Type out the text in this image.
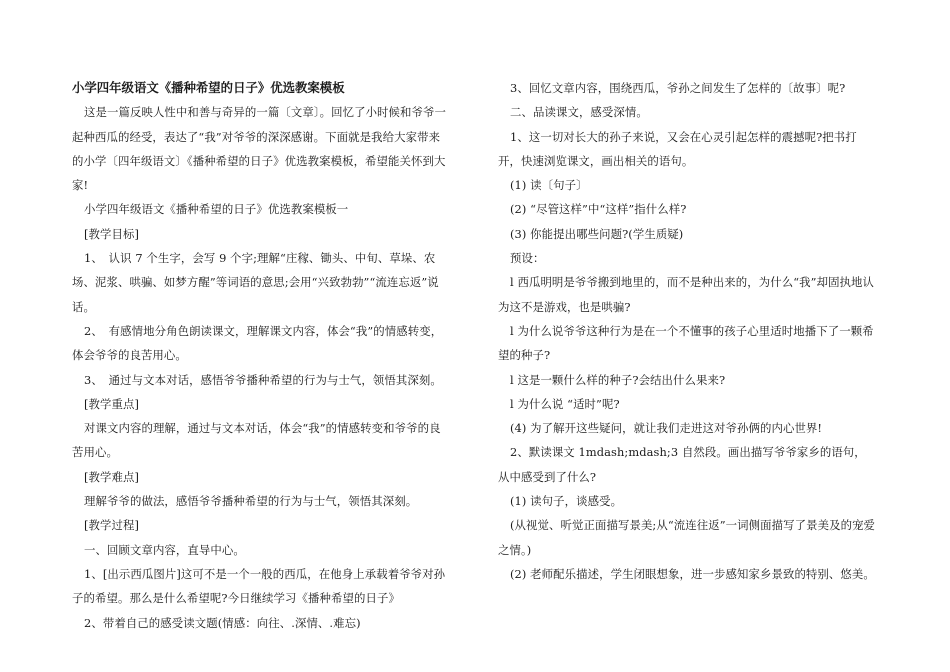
小学四年级语文《播种希望的日子》优选教案模板

这是一篇反映人性中和善与奇异的一篇〔文章〕。回忆了小时候和爷爷一起种西瓜的经受，表达了“我”对爷爷的深深感谢。下面就是我给大家带来的小学〔四年级语文〕《播种希望的日子》优选教案模板，希望能关怀到大家!

小学四年级语文《播种希望的日子》优选教案模板一

[教学目标]

1、　认识 7 个生字，会写 9 个字;理解“庄稼、锄头、中旬、草垛、农场、泥浆、哄骗、如梦方醒”等词语的意思;会用“兴致勃勃”“流连忘返”说话。

2、　有感情地分角色朗读课文，理解课文内容，体会“我”的情感转变，体会爷爷的良苦用心。

3、　通过与文本对话，感悟爷爷播种希望的行为与士气，领悟其深刻。

[教学重点]

对课文内容的理解，通过与文本对话，体会“我”的情感转变和爷爷的良苦用心。

[教学难点]

理解爷爷的做法，感悟爷爷播种希望的行为与士气，领悟其深刻。

[教学过程]

一、回顾文章内容，直导中心。

1、[出示西瓜图片]这可不是一个一般的西瓜，在他身上承载着爷爷对孙子的希望。那么是什么希望呢?今日继续学习《播种希望的日子》

2、带着自己的感受读文题(情感：向往、.深情、.难忘)

3、回忆文章内容，围绕西瓜，爷孙之间发生了怎样的〔故事〕呢?

二、品读课文，感受深情。

1、这一切对长大的孙子来说，又会在心灵引起怎样的震撼呢?把书打开，快速浏览课文，画出相关的语句。

(1) 读〔句子〕

(2) “尽管这样”中“这样”指什么样?

(3) 你能提出哪些问题?(学生质疑)

预设：

l 西瓜明明是爷爷搬到地里的，而不是种出来的，为什么“我”却固执地认为这不是游戏，也是哄骗?

l 为什么说爷爷这种行为是在一个不懂事的孩子心里适时地播下了一颗希望的种子?

l 这是一颗什么样的种子?会结出什么果来?

l 为什么说 “适时”呢?

(4) 为了解开这些疑问，就让我们走进这对爷孙俩的内心世界!

2、默读课文 1mdash;mdash;3 自然段。画出描写爷爷家乡的语句，从中感受到了什么?

(1) 读句子，谈感受。

(从视觉、听觉正面描写景美;从“流连往返”一词侧面描写了景美及的宠爱之情。)

(2) 老师配乐描述，学生闭眼想象，进一步感知家乡景致的特别、悠美。
